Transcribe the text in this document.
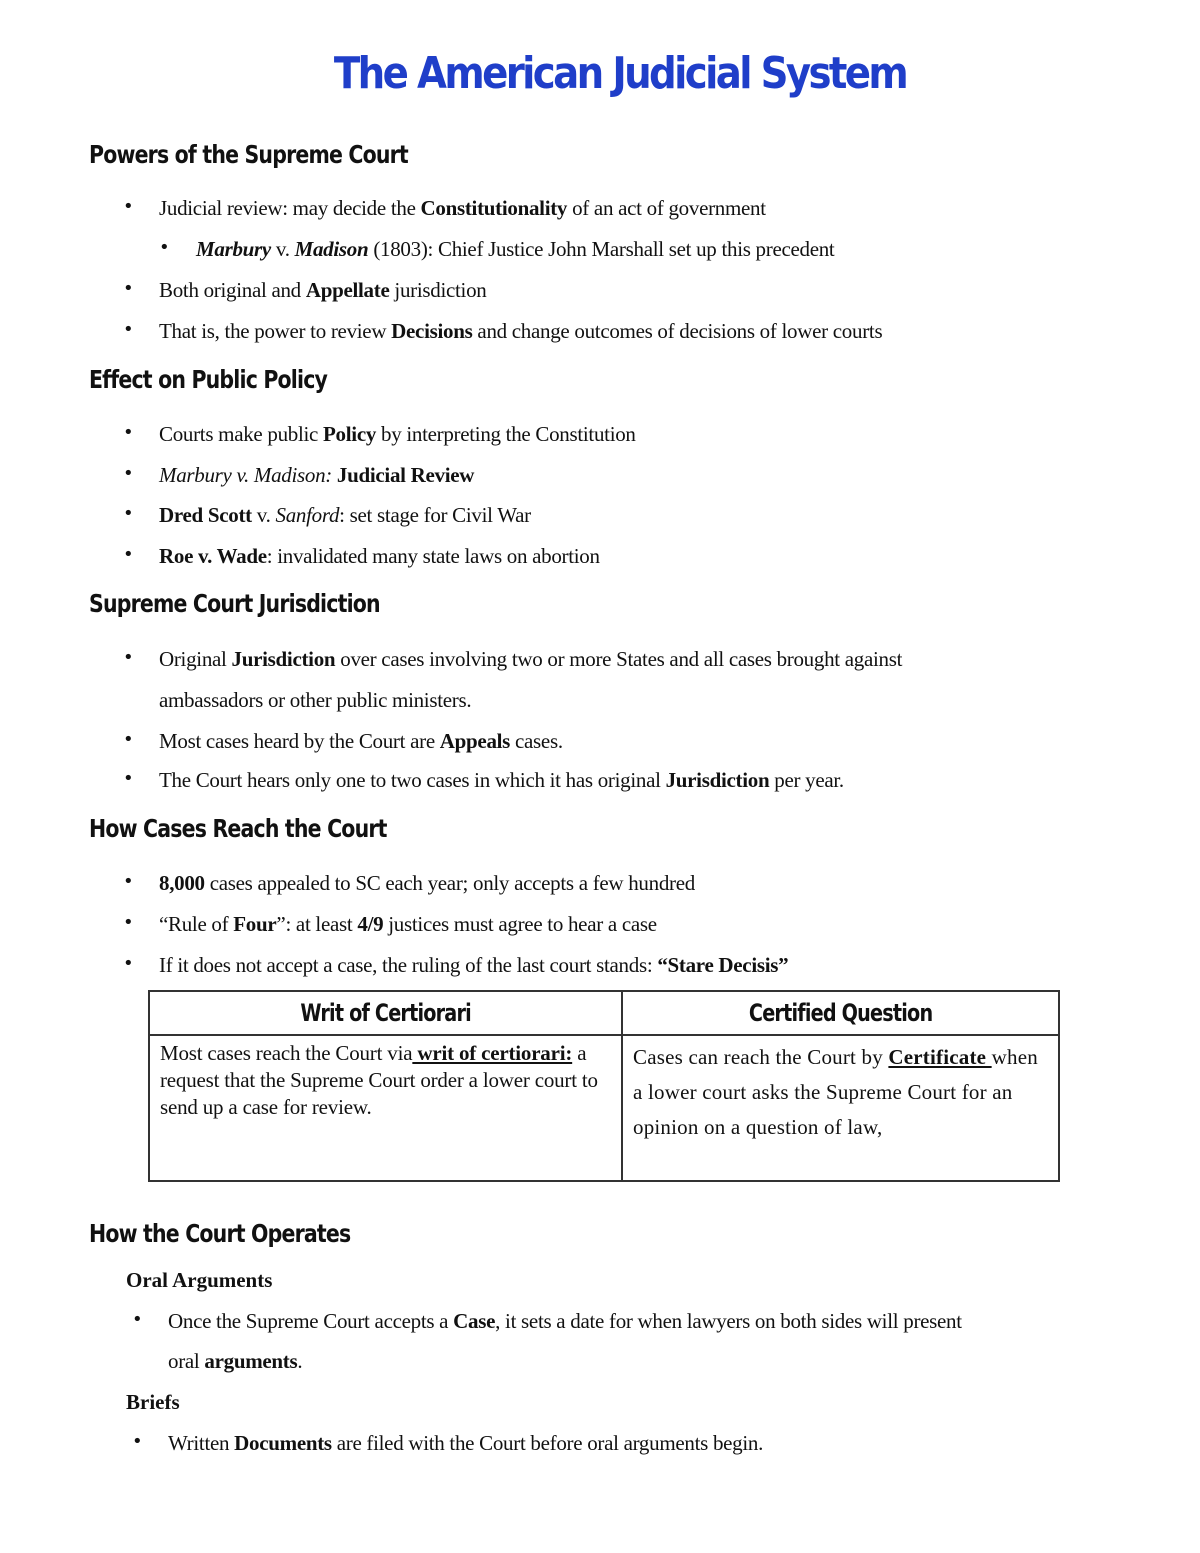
The American Judicial System
Powers of the Supreme Court
• Judicial review: may decide the Constitutionality of an act of government
• Marbury v. Madison (1803): Chief Justice John Marshall set up this precedent
• Both original and Appellate jurisdiction
• That is, the power to review Decisions and change outcomes of decisions of lower courts
Effect on Public Policy
• Courts make public Policy by interpreting the Constitution
• Marbury v. Madison: Judicial Review
• Dred Scott v. Sanford: set stage for Civil War
• Roe v. Wade: invalidated many state laws on abortion
Supreme Court Jurisdiction
• Original Jurisdiction over cases involving two or more States and all cases brought against
ambassadors or other public ministers.
• Most cases heard by the Court are Appeals cases.
• The Court hears only one to two cases in which it has original Jurisdiction per year.
How Cases Reach the Court
• 8,000 cases appealed to SC each year; only accepts a few hundred
• “Rule of Four”: at least 4/9 justices must agree to hear a case
• If it does not accept a case, the ruling of the last court stands: “Stare Decisis”
Writ of Certiorari	Certified Question
Most cases reach the Court via writ of certiorari: a request that the Supreme Court order a lower court to send up a case for review.	Cases can reach the Court by Certificate when a lower court asks the Supreme Court for an opinion on a question of law,
How the Court Operates
Oral Arguments
• Once the Supreme Court accepts a Case, it sets a date for when lawyers on both sides will present
oral arguments.
Briefs
• Written Documents are filed with the Court before oral arguments begin.
